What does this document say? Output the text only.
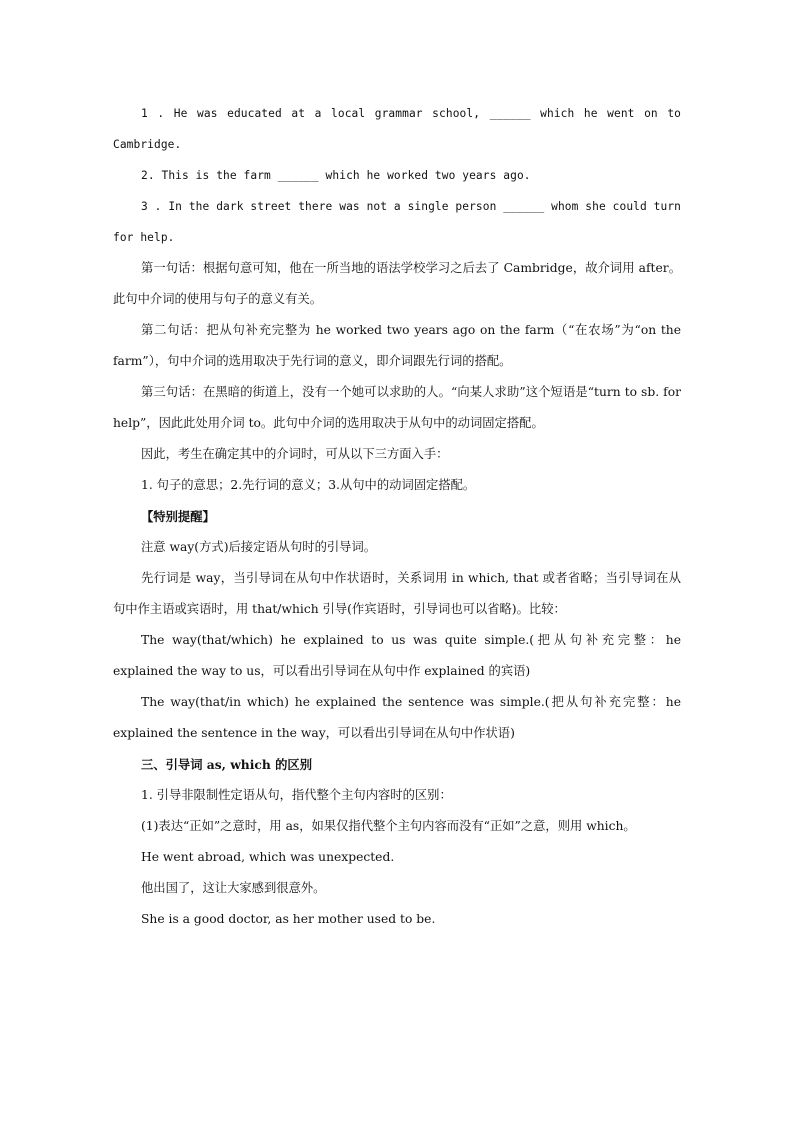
1 . He was educated at a local grammar school, ______ which he went on to Cambridge.

2. This is the farm ______ which he worked two years ago.

3 . In the dark street there was not a single person ______ whom she could turn for help.

第一句话：根据句意可知，他在一所当地的语法学校学习之后去了 Cambridge，故介词用 after。此句中介词的使用与句子的意义有关。

第二句话：把从句补充完整为 he worked two years ago on the farm（“在农场”为“on the farm”），句中介词的选用取决于先行词的意义，即介词跟先行词的搭配。

第三句话：在黑暗的街道上，没有一个她可以求助的人。“向某人求助”这个短语是“turn to sb. for help”，因此此处用介词 to。此句中介词的选用取决于从句中的动词固定搭配。

因此，考生在确定其中的介词时，可从以下三方面入手：

1. 句子的意思；2.先行词的意义；3.从句中的动词固定搭配。

【特别提醒】

注意 way(方式)后接定语从句时的引导词。

先行词是 way，当引导词在从句中作状语时，关系词用 in which, that 或者省略；当引导词在从句中作主语或宾语时，用 that/which 引导(作宾语时，引导词也可以省略)。比较：

The way(that/which) he explained to us was quite simple.(把从句补充完整：he explained the way to us，可以看出引导词在从句中作 explained 的宾语)

The way(that/in which) he explained the sentence was simple.(把从句补充完整：he explained the sentence in the way，可以看出引导词在从句中作状语)

三、引导词 as, which 的区别

1. 引导非限制性定语从句，指代整个主句内容时的区别：

(1)表达“正如”之意时，用 as，如果仅指代整个主句内容而没有“正如”之意，则用 which。

He went abroad, which was unexpected.

他出国了，这让大家感到很意外。

She is a good doctor, as her mother used to be.
